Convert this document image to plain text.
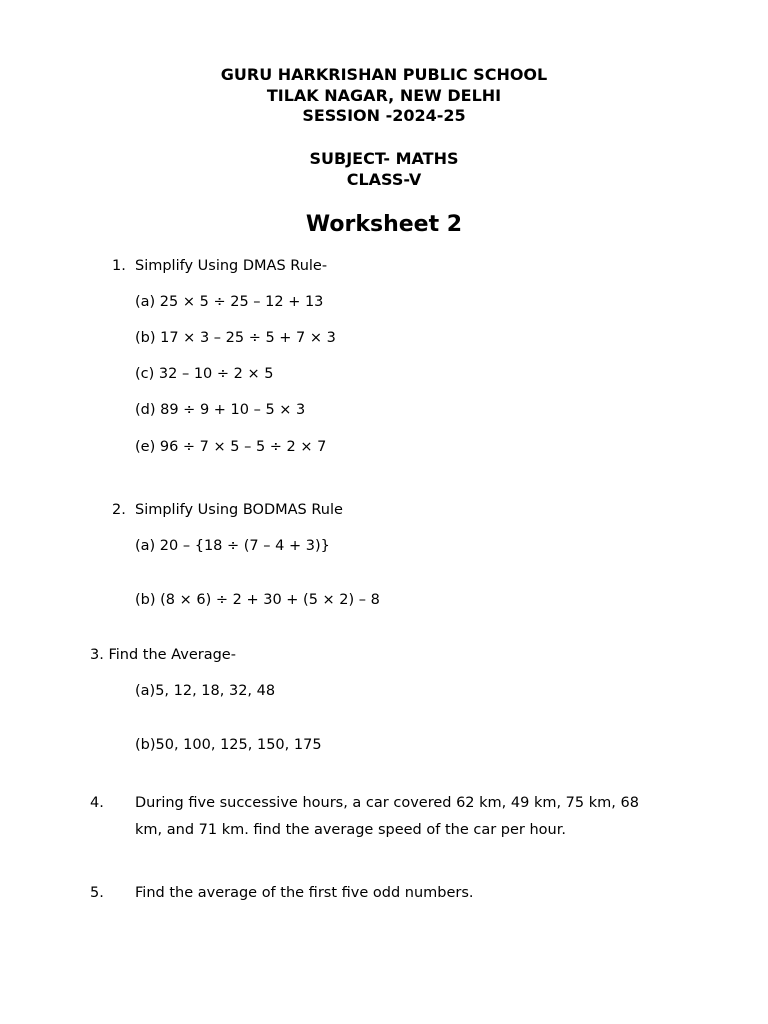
GURU HARKRISHAN PUBLIC SCHOOL
TILAK NAGAR, NEW DELHI
SESSION -2024-25
SUBJECT- MATHS
CLASS-V
Worksheet 2
1. Simplify Using DMAS Rule-
(a) 25 × 5 ÷ 25 – 12 + 13
(b) 17 × 3 – 25 ÷ 5 + 7 × 3
(c) 32 – 10 ÷ 2 × 5
(d) 89 ÷ 9 + 10 – 5 × 3
(e) 96 ÷ 7 × 5 – 5 ÷ 2 × 7
2. Simplify Using BODMAS Rule
(a) 20 – {18 ÷ (7 – 4 + 3)}
(b) (8 × 6) ÷ 2 + 30 + (5 × 2) – 8
3. Find the Average-
(a)5, 12, 18, 32, 48
(b)50, 100, 125, 150, 175
4. During five successive hours, a car covered 62 km, 49 km, 75 km, 68
km, and 71 km. find the average speed of the car per hour.
5. Find the average of the first five odd numbers.
